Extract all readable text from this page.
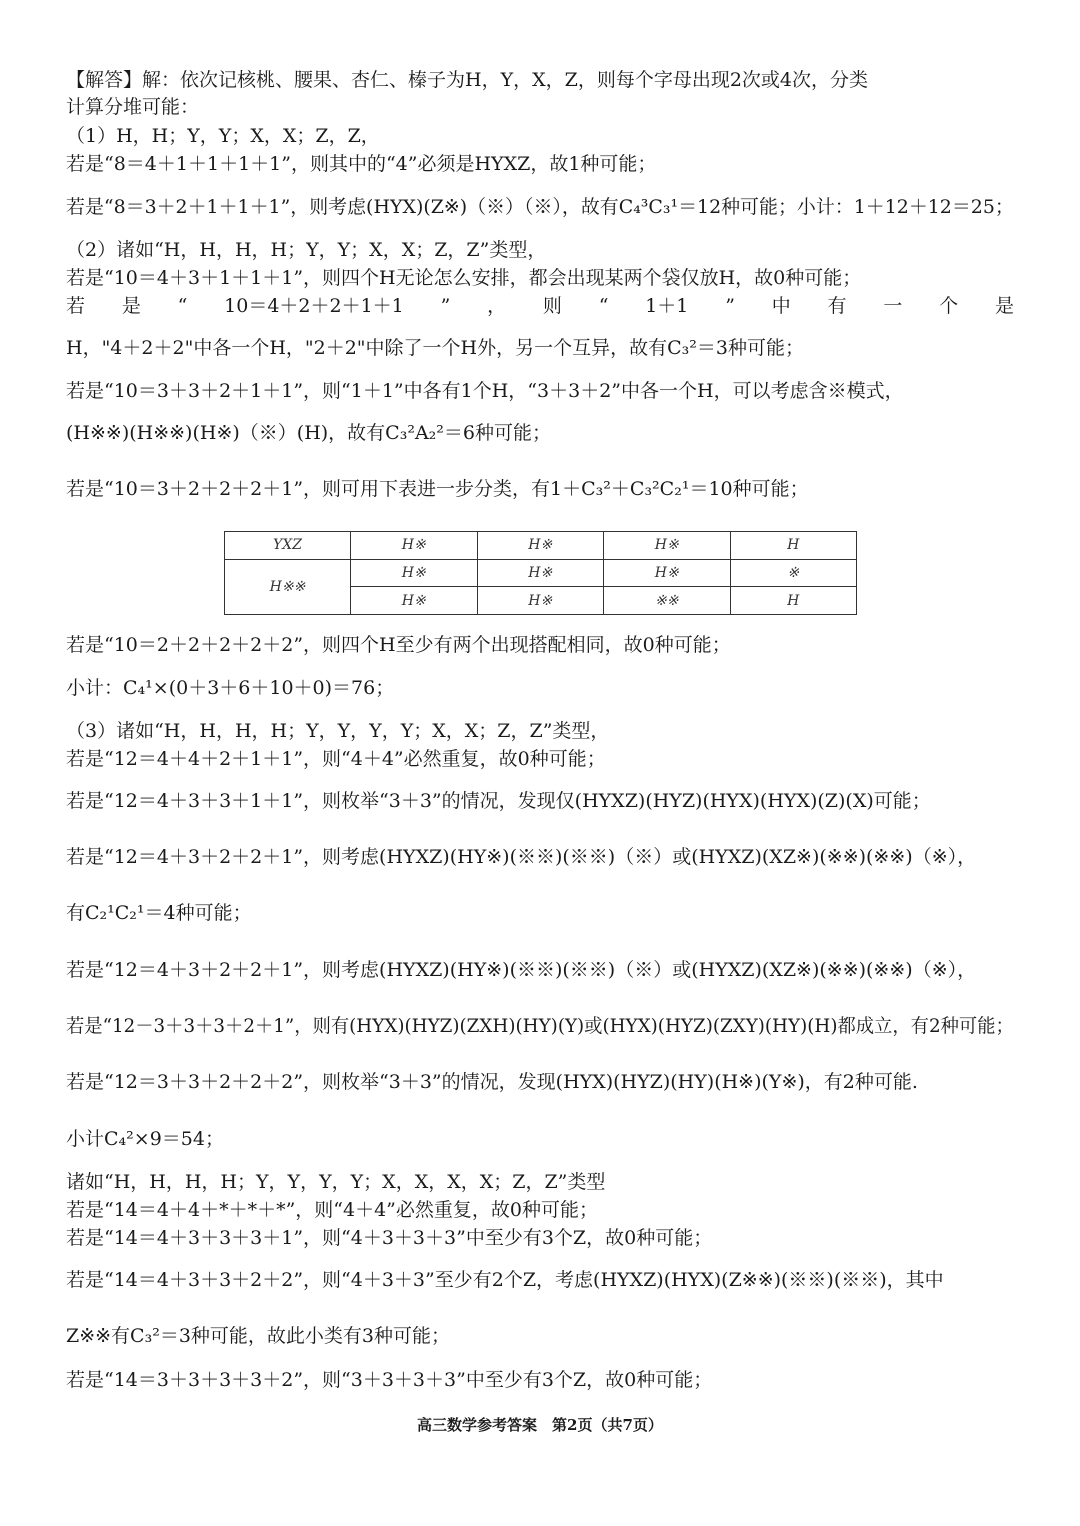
【解答】解：依次记核桃、腰果、杏仁、榛子为H，Y，X，Z，则每个字母出现2次或4次，分类
计算分堆可能：
（1）H，H；Y，Y；X，X；Z，Z，
若是“8＝4＋1＋1＋1＋1”，则其中的“4”必须是HYXZ，故1种可能；
若是“8＝3＋2＋1＋1＋1”，则考虑(HYX)(Z※)（※）（※），故有C₄³C₃¹＝12种可能；小计：1＋12＋12＝25；
（2）诸如“H，H，H，H；Y，Y；X，X；Z，Z”类型，
若是“10＝4＋3＋1＋1＋1”，则四个H无论怎么安排，都会出现某两个袋仅放H，故0种可能；
若 是 “ 10＝4＋2＋2＋1＋1 ” ， 则 “ 1＋1 ” 中 有 一 个 是
H，"4＋2＋2"中各一个H，"2＋2"中除了一个H外，另一个互异，故有C₃²＝3种可能；
若是“10＝3＋3＋2＋1＋1”，则“1＋1”中各有1个H，“3＋3＋2”中各一个H，可以考虑含※模式，
(H※※)(H※※)(H※)（※）(H)，故有C₃²A₂²＝6种可能；
若是“10＝3＋2＋2＋2＋1”，则可用下表进一步分类，有1＋C₃²＋C₃²C₂¹＝10种可能；
YXZ	H※	H※	H※	H
H※※	H※	H※	H※	※
	H※	H※	※※	H
若是“10＝2＋2＋2＋2＋2”，则四个H至少有两个出现搭配相同，故0种可能；
小计：C₄¹×(0＋3＋6＋10＋0)＝76；
（3）诸如“H，H，H，H；Y，Y，Y，Y；X，X；Z，Z”类型，
若是“12＝4＋4＋2＋1＋1”，则“4＋4”必然重复，故0种可能；
若是“12＝4＋3＋3＋1＋1”，则枚举“3＋3”的情况，发现仅(HYXZ)(HYZ)(HYX)(HYX)(Z)(X)可能；
若是“12＝4＋3＋2＋2＋1”，则考虑(HYXZ)(HY※)(※※)(※※)（※）或(HYXZ)(XZ※)(※※)(※※)（※），
有C₂¹C₂¹＝4种可能；
若是“12＝4＋3＋2＋2＋1”，则考虑(HYXZ)(HY※)(※※)(※※)（※）或(HYXZ)(XZ※)(※※)(※※)（※），
若是“12－3＋3＋3＋2＋1”，则有(HYX)(HYZ)(ZXH)(HY)(Y)或(HYX)(HYZ)(ZXY)(HY)(H)都成立，有2种可能；
若是“12＝3＋3＋2＋2＋2”，则枚举“3＋3”的情况，发现(HYX)(HYZ)(HY)(H※)(Y※)，有2种可能.
小计C₄²×9＝54；
诸如“H，H，H，H；Y，Y，Y，Y；X，X，X，X；Z，Z”类型
若是“14＝4＋4＋*＋*＋*”，则“4＋4”必然重复，故0种可能；
若是“14＝4＋3＋3＋3＋1”，则“4＋3＋3＋3”中至少有3个Z，故0种可能；
若是“14＝4＋3＋3＋2＋2”，则“4＋3＋3”至少有2个Z，考虑(HYXZ)(HYX)(Z※※)(※※)(※※)，其中
Z※※有C₃²＝3种可能，故此小类有3种可能；
若是“14＝3＋3＋3＋3＋2”，则“3＋3＋3＋3”中至少有3个Z，故0种可能；
高三数学参考答案　第2页（共7页）
